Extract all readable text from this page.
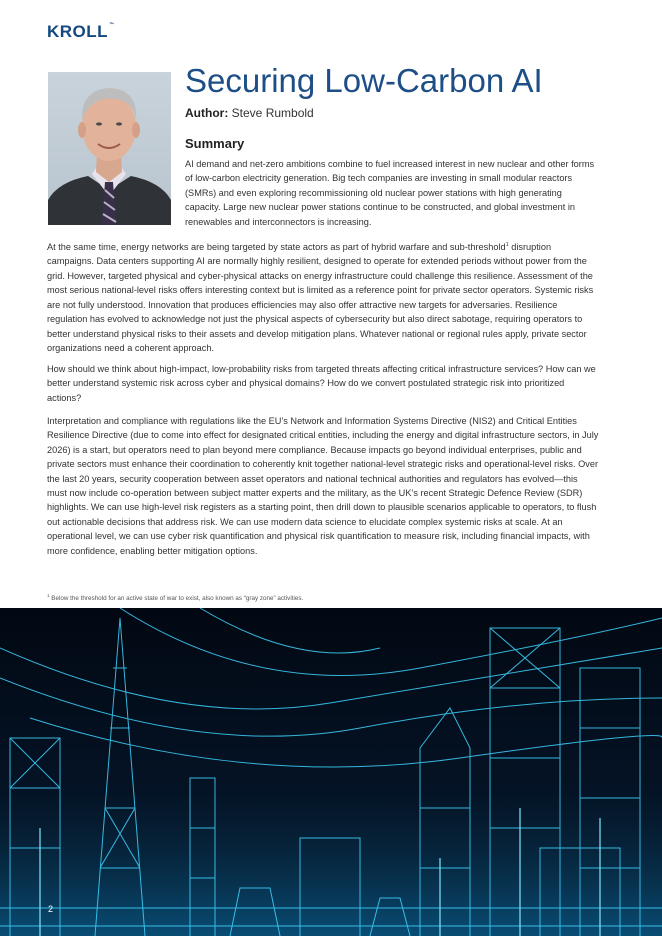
KROLL™
Securing Low-Carbon AI
Author: Steve Rumbold
Summary
AI demand and net-zero ambitions combine to fuel increased interest in new nuclear and other forms of low-carbon electricity generation. Big tech companies are investing in small modular reactors (SMRs) and even exploring recommissioning old nuclear power stations with high generating capacity. Large new nuclear power stations continue to be constructed, and global investment in renewables and interconnectors is increasing.

At the same time, energy networks are being targeted by state actors as part of hybrid warfare and sub-threshold$^1$ disruption campaigns. Data centers supporting AI are normally highly resilient, designed to operate for extended periods without power from the grid. However, targeted physical and cyber-physical attacks on energy infrastructure could challenge this resilience. Assessment of the most serious national-level risks offers interesting context but is limited as a reference point for private sector operators. Systemic risks are not fully understood. Innovation that produces efficiencies may also offer attractive new targets for adversaries. Resilience regulation has evolved to acknowledge not just the physical aspects of cybersecurity but also direct sabotage, requiring operators to better understand physical risks to their assets and develop mitigation plans. Whatever national or regional rules apply, private sector organizations need a coherent approach.

How should we think about high-impact, low-probability risks from targeted threats affecting critical infrastructure services? How can we better understand systemic risk across cyber and physical domains? How do we convert postulated strategic risk into prioritized actions?

Interpretation and compliance with regulations like the EU’s Network and Information Systems Directive (NIS2) and Critical Entities Resilience Directive (due to come into effect for designated critical entities, including the energy and digital infrastructure sectors, in July 2026) is a start, but operators need to plan beyond mere compliance. Because impacts go beyond individual enterprises, public and private sectors must enhance their coordination to coherently knit together national-level strategic risks and operational-level risks. Over the last 20 years, security cooperation between asset operators and national technical authorities and regulators has evolved—this must now include co-operation between subject matter experts and the military, as the UK’s recent Strategic Defence Review (SDR) highlights. We can use high-level risk registers as a starting point, then drill down to plausible scenarios applicable to operators, to flush out actionable decisions that address risk. We can use modern data science to elucidate complex systemic risks at scale. At an operational level, we can use cyber risk quantification and physical risk quantification to measure risk, including financial impacts, with more confidence, enabling better mitigation options.

$^1$ Below the threshold for an active state of war to exist, also known as “gray zone” activities.
2
